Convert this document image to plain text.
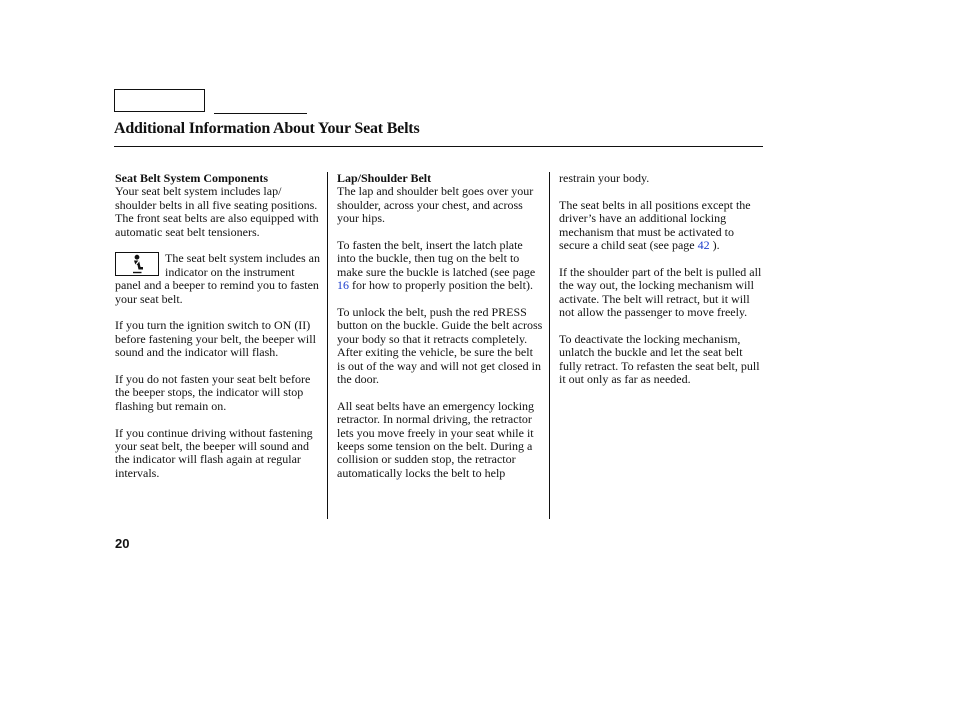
Additional Information About Your Seat Belts
Seat Belt System Components

Your seat belt system includes lap/ shoulder belts in all five seating positions. The front seat belts are also equipped with automatic seat belt tensioners.

The seat belt system includes an indicator on the instrument panel and a beeper to remind you to fasten your seat belt.

If you turn the ignition switch to ON (II) before fastening your belt, the beeper will sound and the indicator will flash.

If you do not fasten your seat belt before the beeper stops, the indicator will stop flashing but remain on.

If you continue driving without fastening your seat belt, the beeper will sound and the indicator will flash again at regular intervals.

Lap/Shoulder Belt

The lap and shoulder belt goes over your shoulder, across your chest, and across your hips.

To fasten the belt, insert the latch plate into the buckle, then tug on the belt to make sure the buckle is latched (see page 16 for how to properly position the belt).

To unlock the belt, push the red PRESS button on the buckle. Guide the belt across your body so that it retracts completely. After exiting the vehicle, be sure the belt is out of the way and will not get closed in the door.

All seat belts have an emergency locking retractor. In normal driving, the retractor lets you move freely in your seat while it keeps some tension on the belt. During a collision or sudden stop, the retractor automatically locks the belt to help

restrain your body.

The seat belts in all positions except the driver’s have an additional locking mechanism that must be activated to secure a child seat (see page 42 ).

If the shoulder part of the belt is pulled all the way out, the locking mechanism will activate. The belt will retract, but it will not allow the passenger to move freely.

To deactivate the locking mechanism, unlatch the buckle and let the seat belt fully retract. To refasten the seat belt, pull it out only as far as needed.

20
